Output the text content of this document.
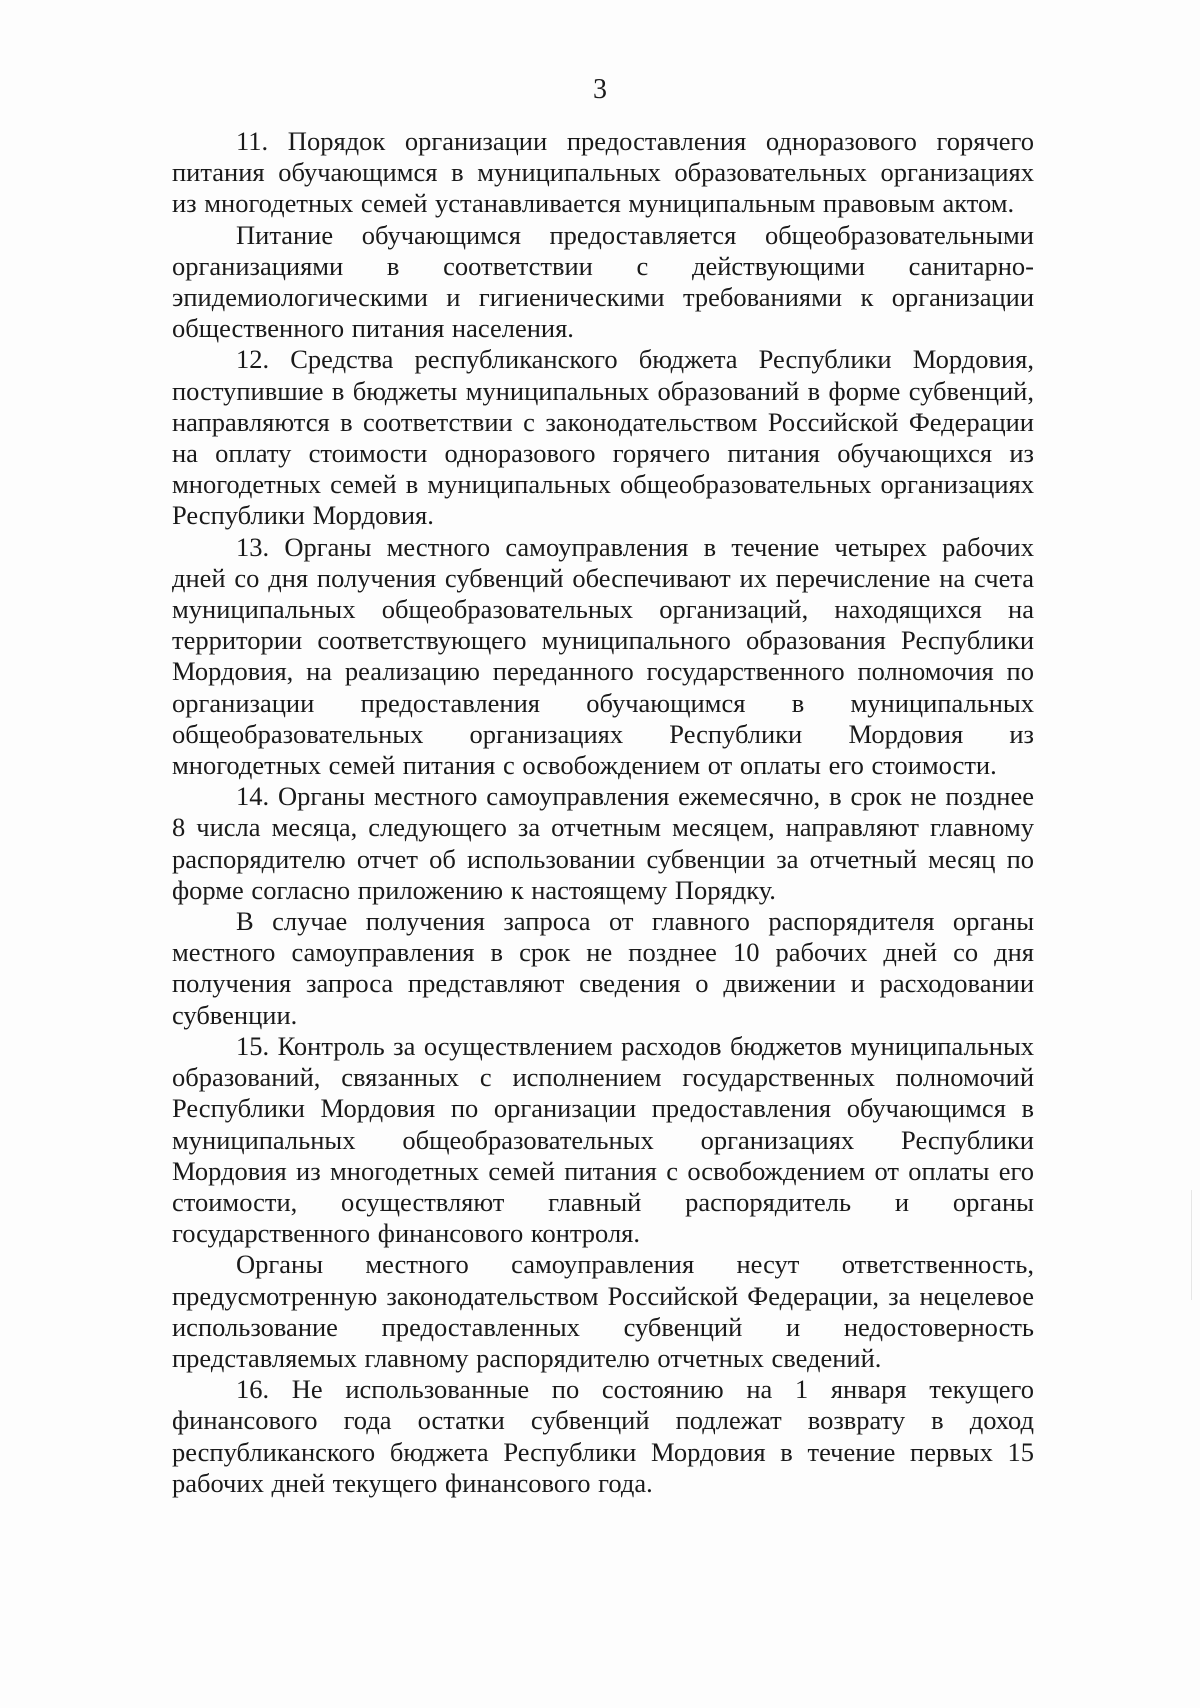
3

11. Порядок организации предоставления одноразового горячего питания обучающимся в муниципальных образовательных организациях из многодетных семей устанавливается муниципальным правовым актом.

Питание обучающимся предоставляется общеобразовательными организациями в соответствии с действующими санитарно-эпидемиологическими и гигиеническими требованиями к организации общественного питания населения.

12. Средства республиканского бюджета Республики Мордовия, поступившие в бюджеты муниципальных образований в форме субвенций, направляются в соответствии с законодательством Российской Федерации на оплату стоимости одноразового горячего питания обучающихся из многодетных семей в муниципальных общеобразовательных организациях Республики Мордовия.

13. Органы местного самоуправления в течение четырех рабочих дней со дня получения субвенций обеспечивают их перечисление на счета муниципальных общеобразовательных организаций, находящихся на территории соответствующего муниципального образования Республики Мордовия, на реализацию переданного государственного полномочия по организации предоставления обучающимся в муниципальных общеобразовательных организациях Республики Мордовия из многодетных семей питания с освобождением от оплаты его стоимости.

14. Органы местного самоуправления ежемесячно, в срок не позднее 8 числа месяца, следующего за отчетным месяцем, направляют главному распорядителю отчет об использовании субвенции за отчетный месяц по форме согласно приложению к настоящему Порядку.

В случае получения запроса от главного распорядителя органы местного самоуправления в срок не позднее 10 рабочих дней со дня получения запроса представляют сведения о движении и расходовании субвенции.

15. Контроль за осуществлением расходов бюджетов муниципальных образований, связанных с исполнением государственных полномочий Республики Мордовия по организации предоставления обучающимся в муниципальных общеобразовательных организациях Республики Мордовия из многодетных семей питания с освобождением от оплаты его стоимости, осуществляют главный распорядитель и органы государственного финансового контроля.

Органы местного самоуправления несут ответственность, предусмотренную законодательством Российской Федерации, за нецелевое использование предоставленных субвенций и недостоверность представляемых главному распорядителю отчетных сведений.

16. Не использованные по состоянию на 1 января текущего финансового года остатки субвенций подлежат возврату в доход республиканского бюджета Республики Мордовия в течение первых 15 рабочих дней текущего финансового года.
